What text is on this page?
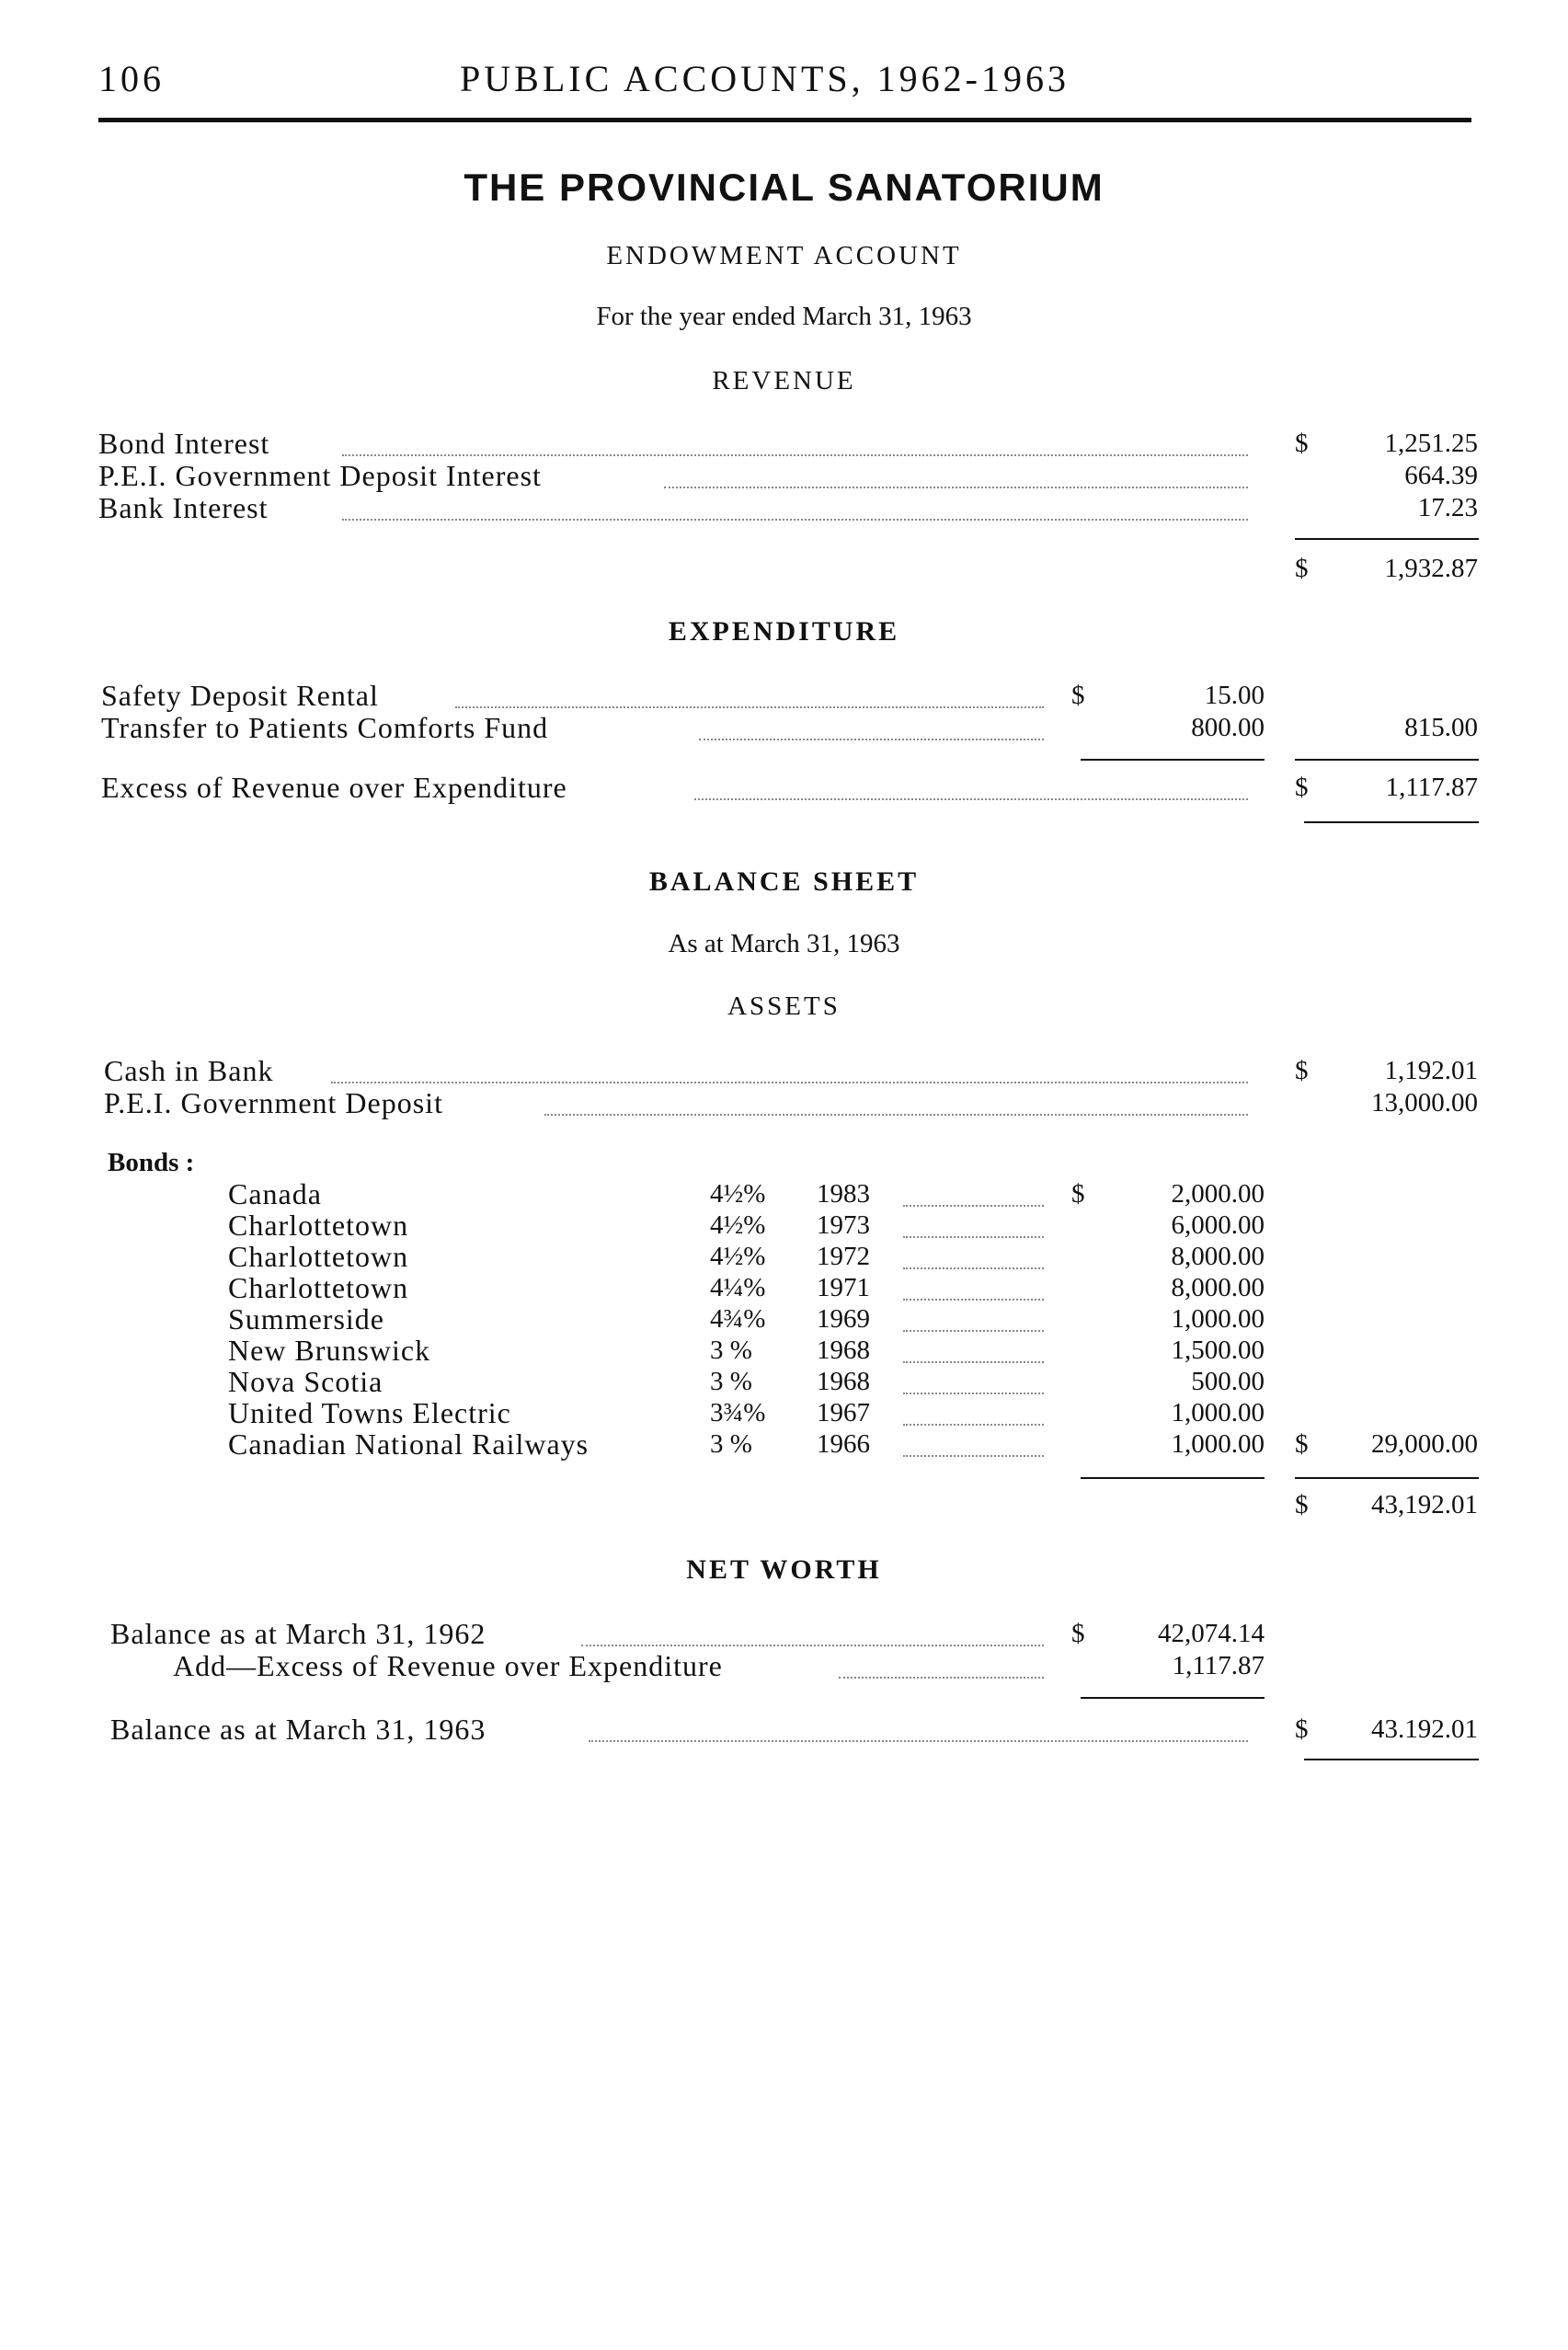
106	PUBLIC ACCOUNTS, 1962-1963
THE PROVINCIAL SANATORIUM
ENDOWMENT ACCOUNT
For the year ended March 31, 1963
REVENUE
Bond Interest	$	1,251.25
P.E.I. Government Deposit Interest	664.39
Bank Interest	17.23
$	1,932.87
EXPENDITURE
Safety Deposit Rental	$	15.00
Transfer to Patients Comforts Fund	800.00	815.00
Excess of Revenue over Expenditure	$	1,117.87
BALANCE SHEET
As at March 31, 1963
ASSETS
Cash in Bank	$	1,192.01
P.E.I. Government Deposit	13,000.00
Bonds :
Canada	4½% 1983	$	2,000.00
Charlottetown	4½% 1973	6,000.00
Charlottetown	4½% 1972	8,000.00
Charlottetown	4¼% 1971	8,000.00
Summerside	4¾% 1969	1,000.00
New Brunswick	3 % 1968	1,500.00
Nova Scotia	3 % 1968	500.00
United Towns Electric	3¾% 1967	1,000.00
Canadian National Railways	3 % 1966	1,000.00 $ 29,000.00
$ 43,192.01
NET WORTH
Balance as at March 31, 1962	$	42,074.14
Add—Excess of Revenue over Expenditure	1,117.87
Balance as at March 31, 1963	$ 43.192.01
